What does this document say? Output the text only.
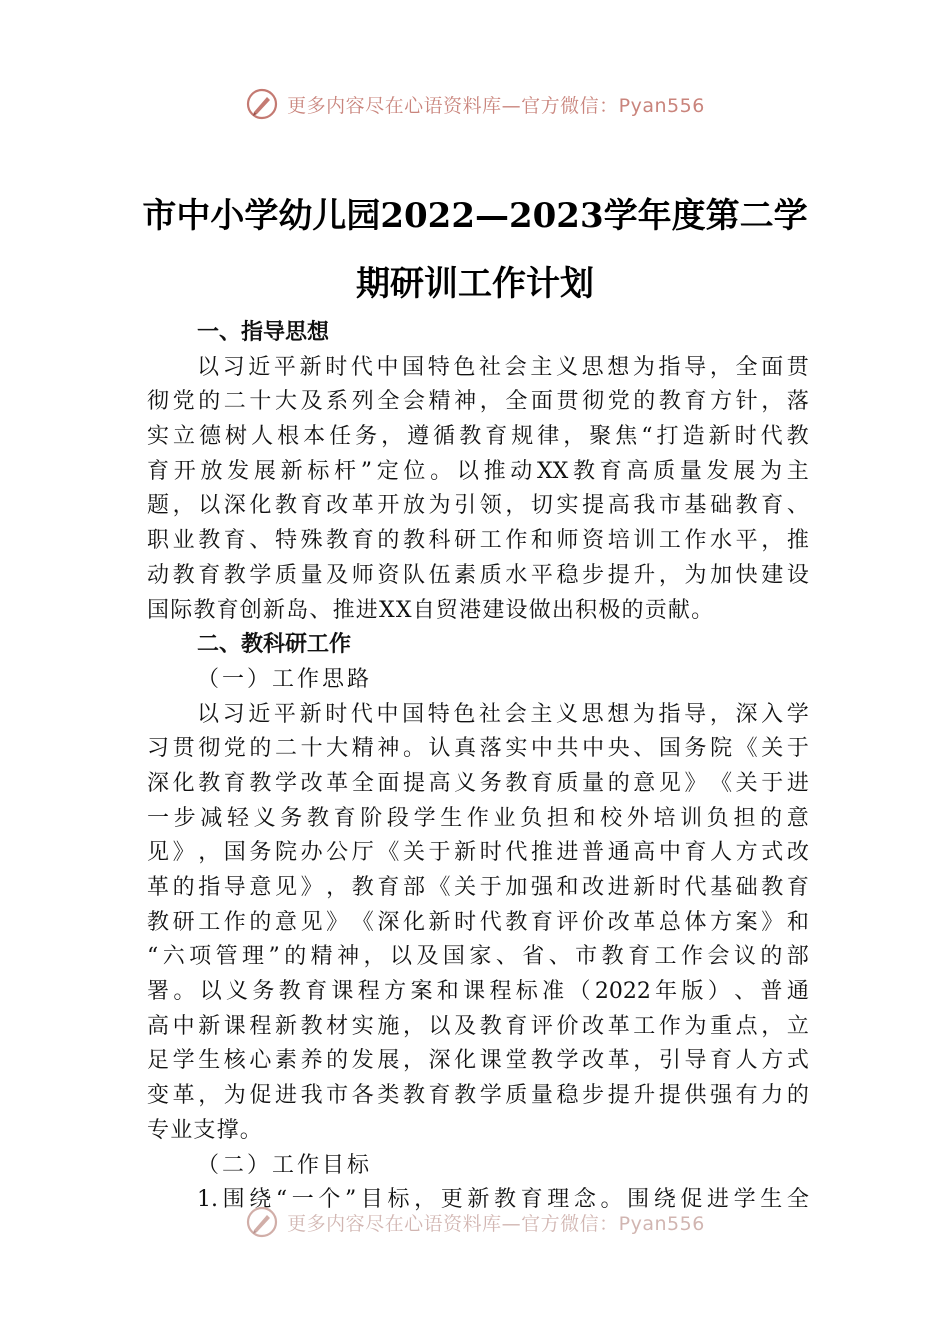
更多内容尽在心语资料库—官方微信：Pyan556
市中小学幼儿园2022—2023学年度第二学
期研训工作计划
一、指导思想
以 习 近 平 新 时 代 中 国 特 色 社 会 主 义 思 想 为 指 导 ， 全 面 贯
彻 党 的 二 十 大 及 系 列 全 会 精 神 ， 全 面 贯 彻 党 的 教 育 方 针 ， 落
实 立 德 树 人 根 本 任 务 ， 遵 循 教 育 规 律 ， 聚 焦 “ 打 造 新 时 代 教
育 开 放 发 展 新 标 杆 ” 定 位 。 以 推 动 XX 教 育 高 质 量 发 展 为 主
题 ， 以 深 化 教 育 改 革 开 放 为 引 领 ， 切 实 提 高 我 市 基 础 教 育 、
职 业 教 育 、 特 殊 教 育 的 教 科 研 工 作 和 师 资 培 训 工 作 水 平 ， 推
动 教 育 教 学 质 量 及 师 资 队 伍 素 质 水 平 稳 步 提 升 ， 为 加 快 建 设
国际教育创新岛、推进XX自贸港建设做出积极的贡献。
二、教科研工作
（一）工作思路
以 习 近 平 新 时 代 中 国 特 色 社 会 主 义 思 想 为 指 导 ， 深 入 学
习 贯 彻 党 的 二 十 大 精 神 。 认 真 落 实 中 共 中 央 、 国 务 院 《 关 于
深 化 教 育 教 学 改 革 全 面 提 高 义 务 教 育 质 量 的 意 见 》 《 关 于 进
一 步 减 轻 义 务 教 育 阶 段 学 生 作 业 负 担 和 校 外 培 训 负 担 的 意
见 》 ， 国 务 院 办 公 厅 《 关 于 新 时 代 推 进 普 通 高 中 育 人 方 式 改
革 的 指 导 意 见 》 ， 教 育 部 《 关 于 加 强 和 改 进 新 时 代 基 础 教 育
教 研 工 作 的 意 见 》 《 深 化 新 时 代 教 育 评 价 改 革 总 体 方 案 》 和
“ 六 项 管 理 ” 的 精 神 ， 以 及 国 家 、 省 、 市 教 育 工 作 会 议 的 部
署 。 以 义 务 教 育 课 程 方 案 和 课 程 标 准 （ 2022 年 版 ） 、 普 通
高 中 新 课 程 新 教 材 实 施 ， 以 及 教 育 评 价 改 革 工 作 为 重 点 ， 立
足 学 生 核 心 素 养 的 发 展 ， 深 化 课 堂 教 学 改 革 ， 引 导 育 人 方 式
变 革 ， 为 促 进 我 市 各 类 教 育 教 学 质 量 稳 步 提 升 提 供 强 有 力 的
专业支撑。
（二）工作目标
1. 围 绕 “ 一 个 ” 目 标 ， 更 新 教 育 理 念 。 围 绕 促 进 学 生 全
更多内容尽在心语资料库—官方微信：Pyan556
